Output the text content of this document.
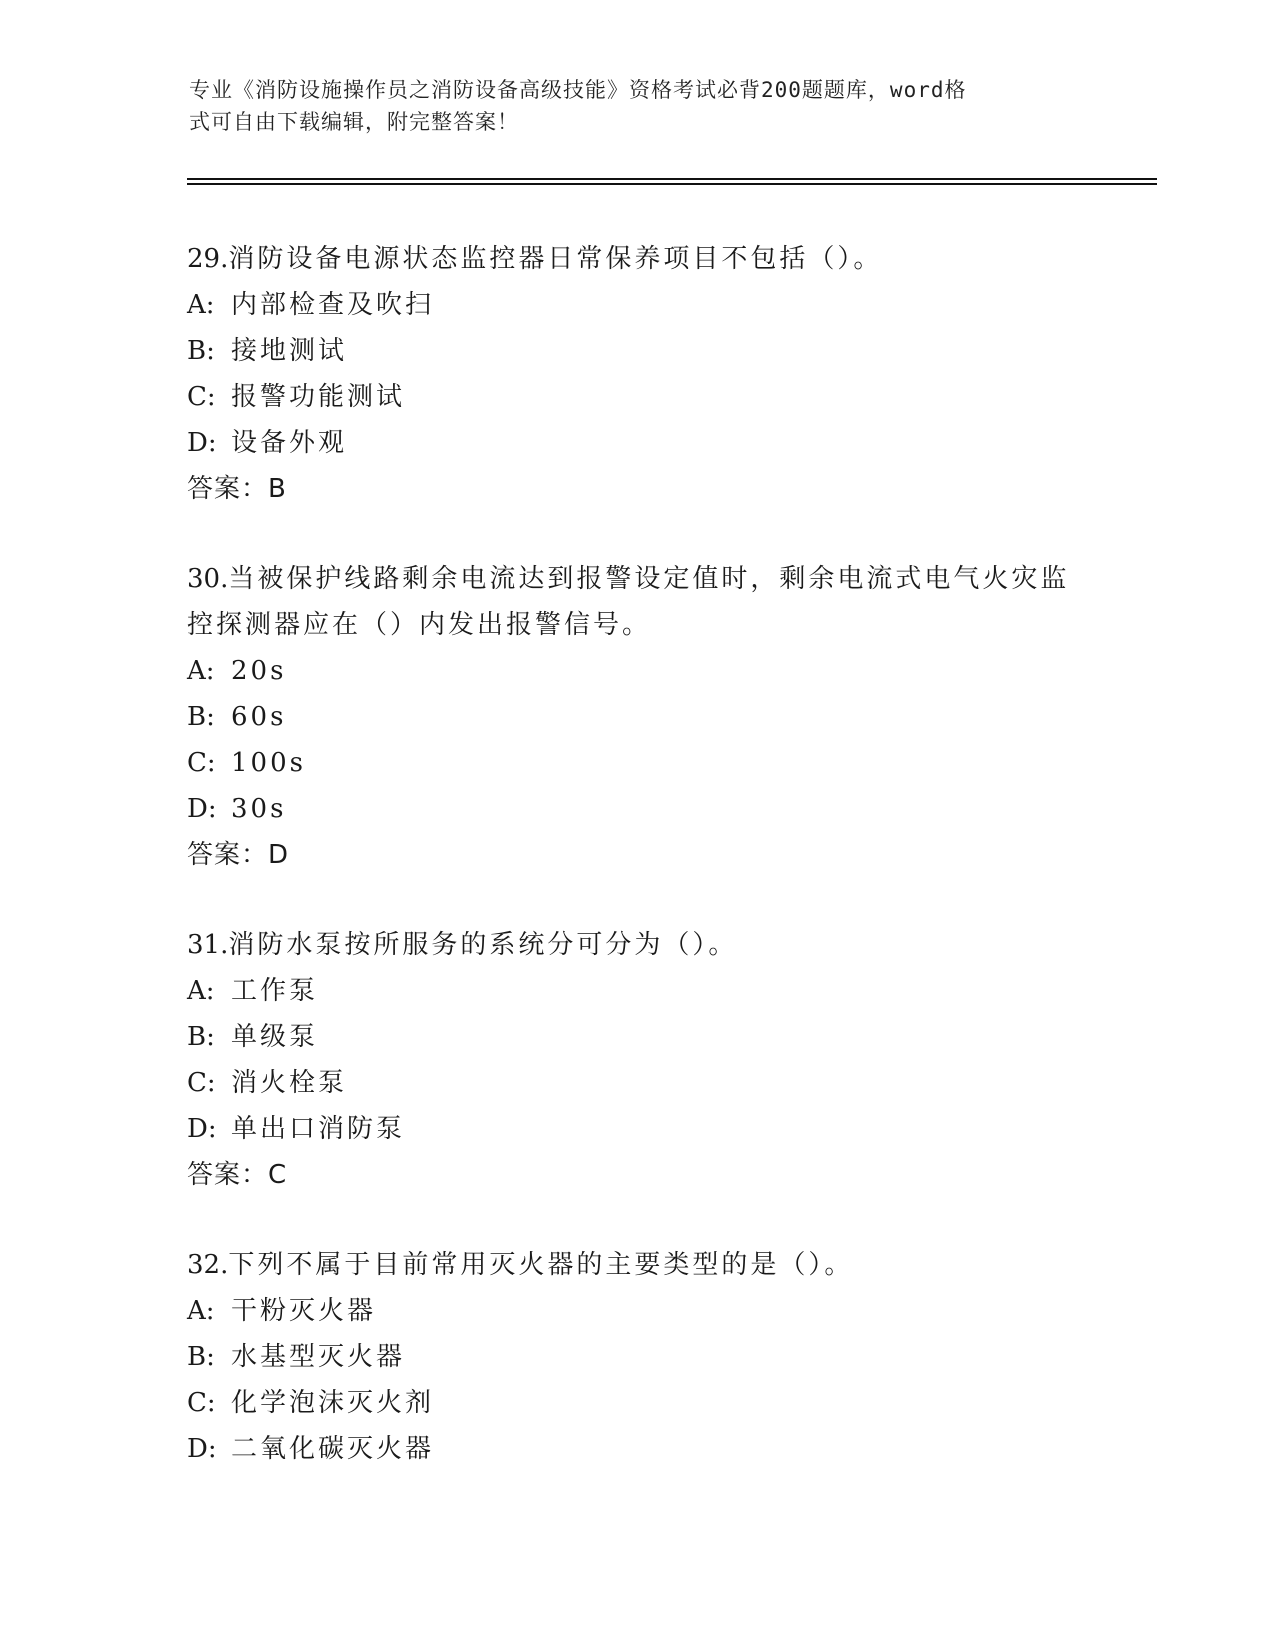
专业《消防设施操作员之消防设备高级技能》资格考试必背200题题库，word格
式可自由下载编辑，附完整答案！

29.消防设备电源状态监控器日常保养项目不包括（）。

A: 内部检查及吹扫

B: 接地测试

C: 报警功能测试

D: 设备外观

答案：B

30.当被保护线路剩余电流达到报警设定值时，剩余电流式电气火灾监控探测器应在（）内发出报警信号。

A: 20s

B: 60s

C: 100s

D: 30s

答案：D

31.消防水泵按所服务的系统分可分为（）。

A: 工作泵

B: 单级泵

C: 消火栓泵

D: 单出口消防泵

答案：C

32.下列不属于目前常用灭火器的主要类型的是（）。

A: 干粉灭火器

B: 水基型灭火器

C: 化学泡沫灭火剂

D: 二氧化碳灭火器
